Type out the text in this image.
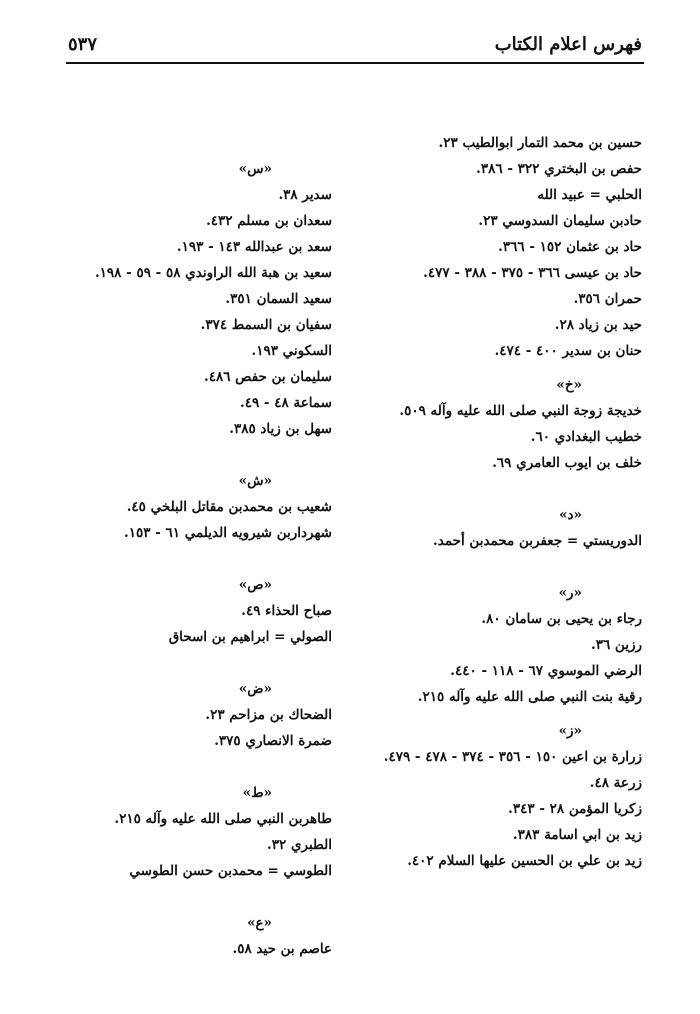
فهرس اعلام الكتاب
٥٣٧
حسين بن محمد التمار ابوالطيب ٢٣.
حفص بن البختري ٣٢٢ - ٣٨٦.
الحلبي = عبيد الله
حادبن سليمان السدوسي ٢٣.
حاد بن عثمان ١٥٢ - ٣٦٦.
حاد بن عيسى ٣٦٦ - ٣٧٥ - ٣٨٨ - ٤٧٧.
حمران ٣٥٦.
حيد بن زياد ٢٨.
حنان بن سدير ٤٠٠ - ٤٧٤.
«خ»
خديجة زوجة النبي صلى الله عليه وآله ٥٠٩.
خطيب البغدادي ٦٠.
خلف بن ايوب العامري ٦٩.
«د»
الدوريستي = جعفربن محمدبن أحمد.
«ر»
رجاء بن يحيى بن سامان ٨٠.
رزين ٣٦.
الرضي الموسوي ٦٧ - ١١٨ - ٤٤٠.
رقية بنت النبي صلى الله عليه وآله ٢١٥.
«ز»
زرارة بن اعين ١٥٠ - ٣٥٦ - ٣٧٤ - ٤٧٨ - ٤٧٩.
زرعة ٤٨.
زكريا المؤمن ٢٨ - ٣٤٣.
زيد بن ابي اسامة ٣٨٣.
زيد بن علي بن الحسين عليها السلام ٤٠٢.
«س»
سدير ٣٨.
سعدان بن مسلم ٤٣٢.
سعد بن عبدالله ١٤٣ - ١٩٣.
سعيد بن هبة الله الراوندي ٥٨ - ٥٩ - ١٩٨.
سعيد السمان ٣٥١.
سفيان بن السمط ٣٧٤.
السكوني ١٩٣.
سليمان بن حفص ٤٨٦.
سماعة ٤٨ - ٤٩.
سهل بن زياد ٣٨٥.
«ش»
شعيب بن محمدبن مقاتل البلخي ٤٥.
شهرداربن شيرويه الديلمي ٦١ - ١٥٣.
«ص»
صباح الحذاء ٤٩.
الصولي = ابراهيم بن اسحاق
«ض»
الضحاك بن مزاحم ٢٣.
ضمرة الانصاري ٣٧٥.
«ط»
طاهربن النبي صلى الله عليه وآله ٢١٥.
الطبري ٣٢.
الطوسي = محمدبن حسن الطوسي
«ع»
عاصم بن حيد ٥٨.
